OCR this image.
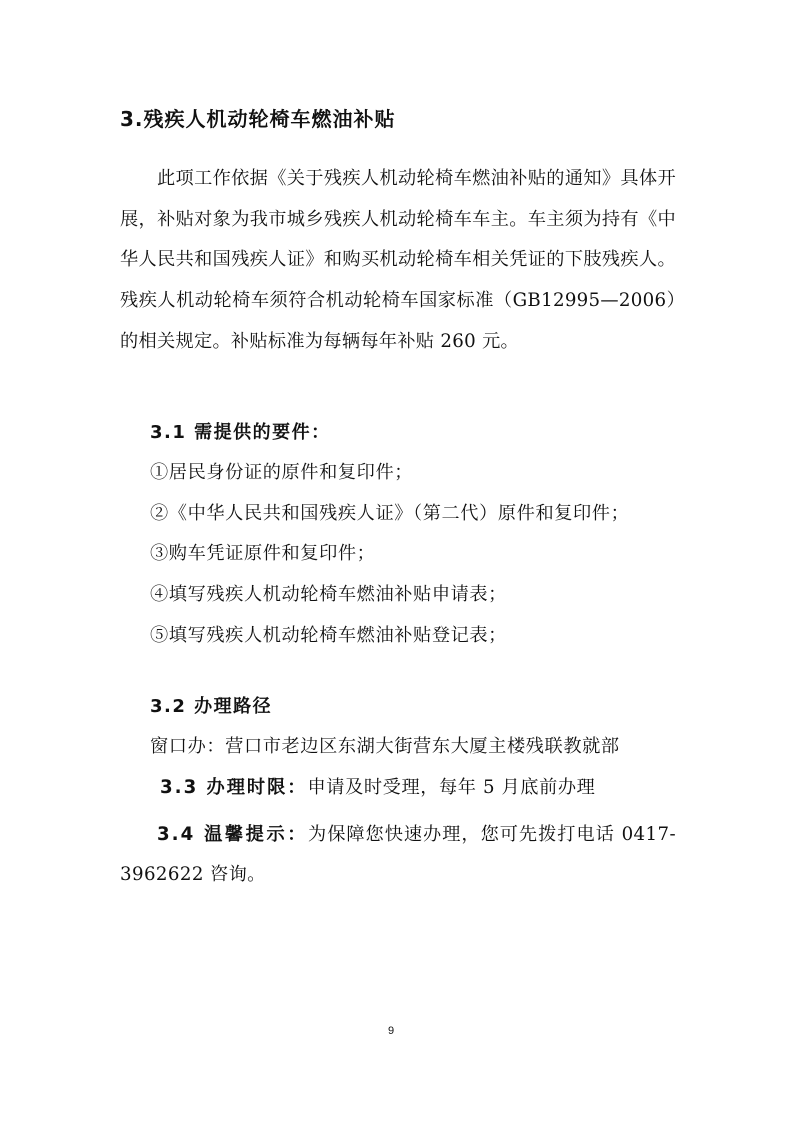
3.残疾人机动轮椅车燃油补贴
此项工作依据《关于残疾人机动轮椅车燃油补贴的通知》具体开展，补贴对象为我市城乡残疾人机动轮椅车车主。车主须为持有《中华人民共和国残疾人证》和购买机动轮椅车相关凭证的下肢残疾人。残疾人机动轮椅车须符合机动轮椅车国家标准（GB12995—2006）的相关规定。补贴标准为每辆每年补贴 260 元。
3.1 需提供的要件：
①居民身份证的原件和复印件；
②《中华人民共和国残疾人证》（第二代）原件和复印件；
③购车凭证原件和复印件；
④填写残疾人机动轮椅车燃油补贴申请表；
⑤填写残疾人机动轮椅车燃油补贴登记表；
3.2 办理路径
窗口办：营口市老边区东湖大街营东大厦主楼残联教就部
3.3 办理时限：申请及时受理，每年 5 月底前办理
3.4 温馨提示：为保障您快速办理，您可先拨打电话 0417-3962622 咨询。
9
